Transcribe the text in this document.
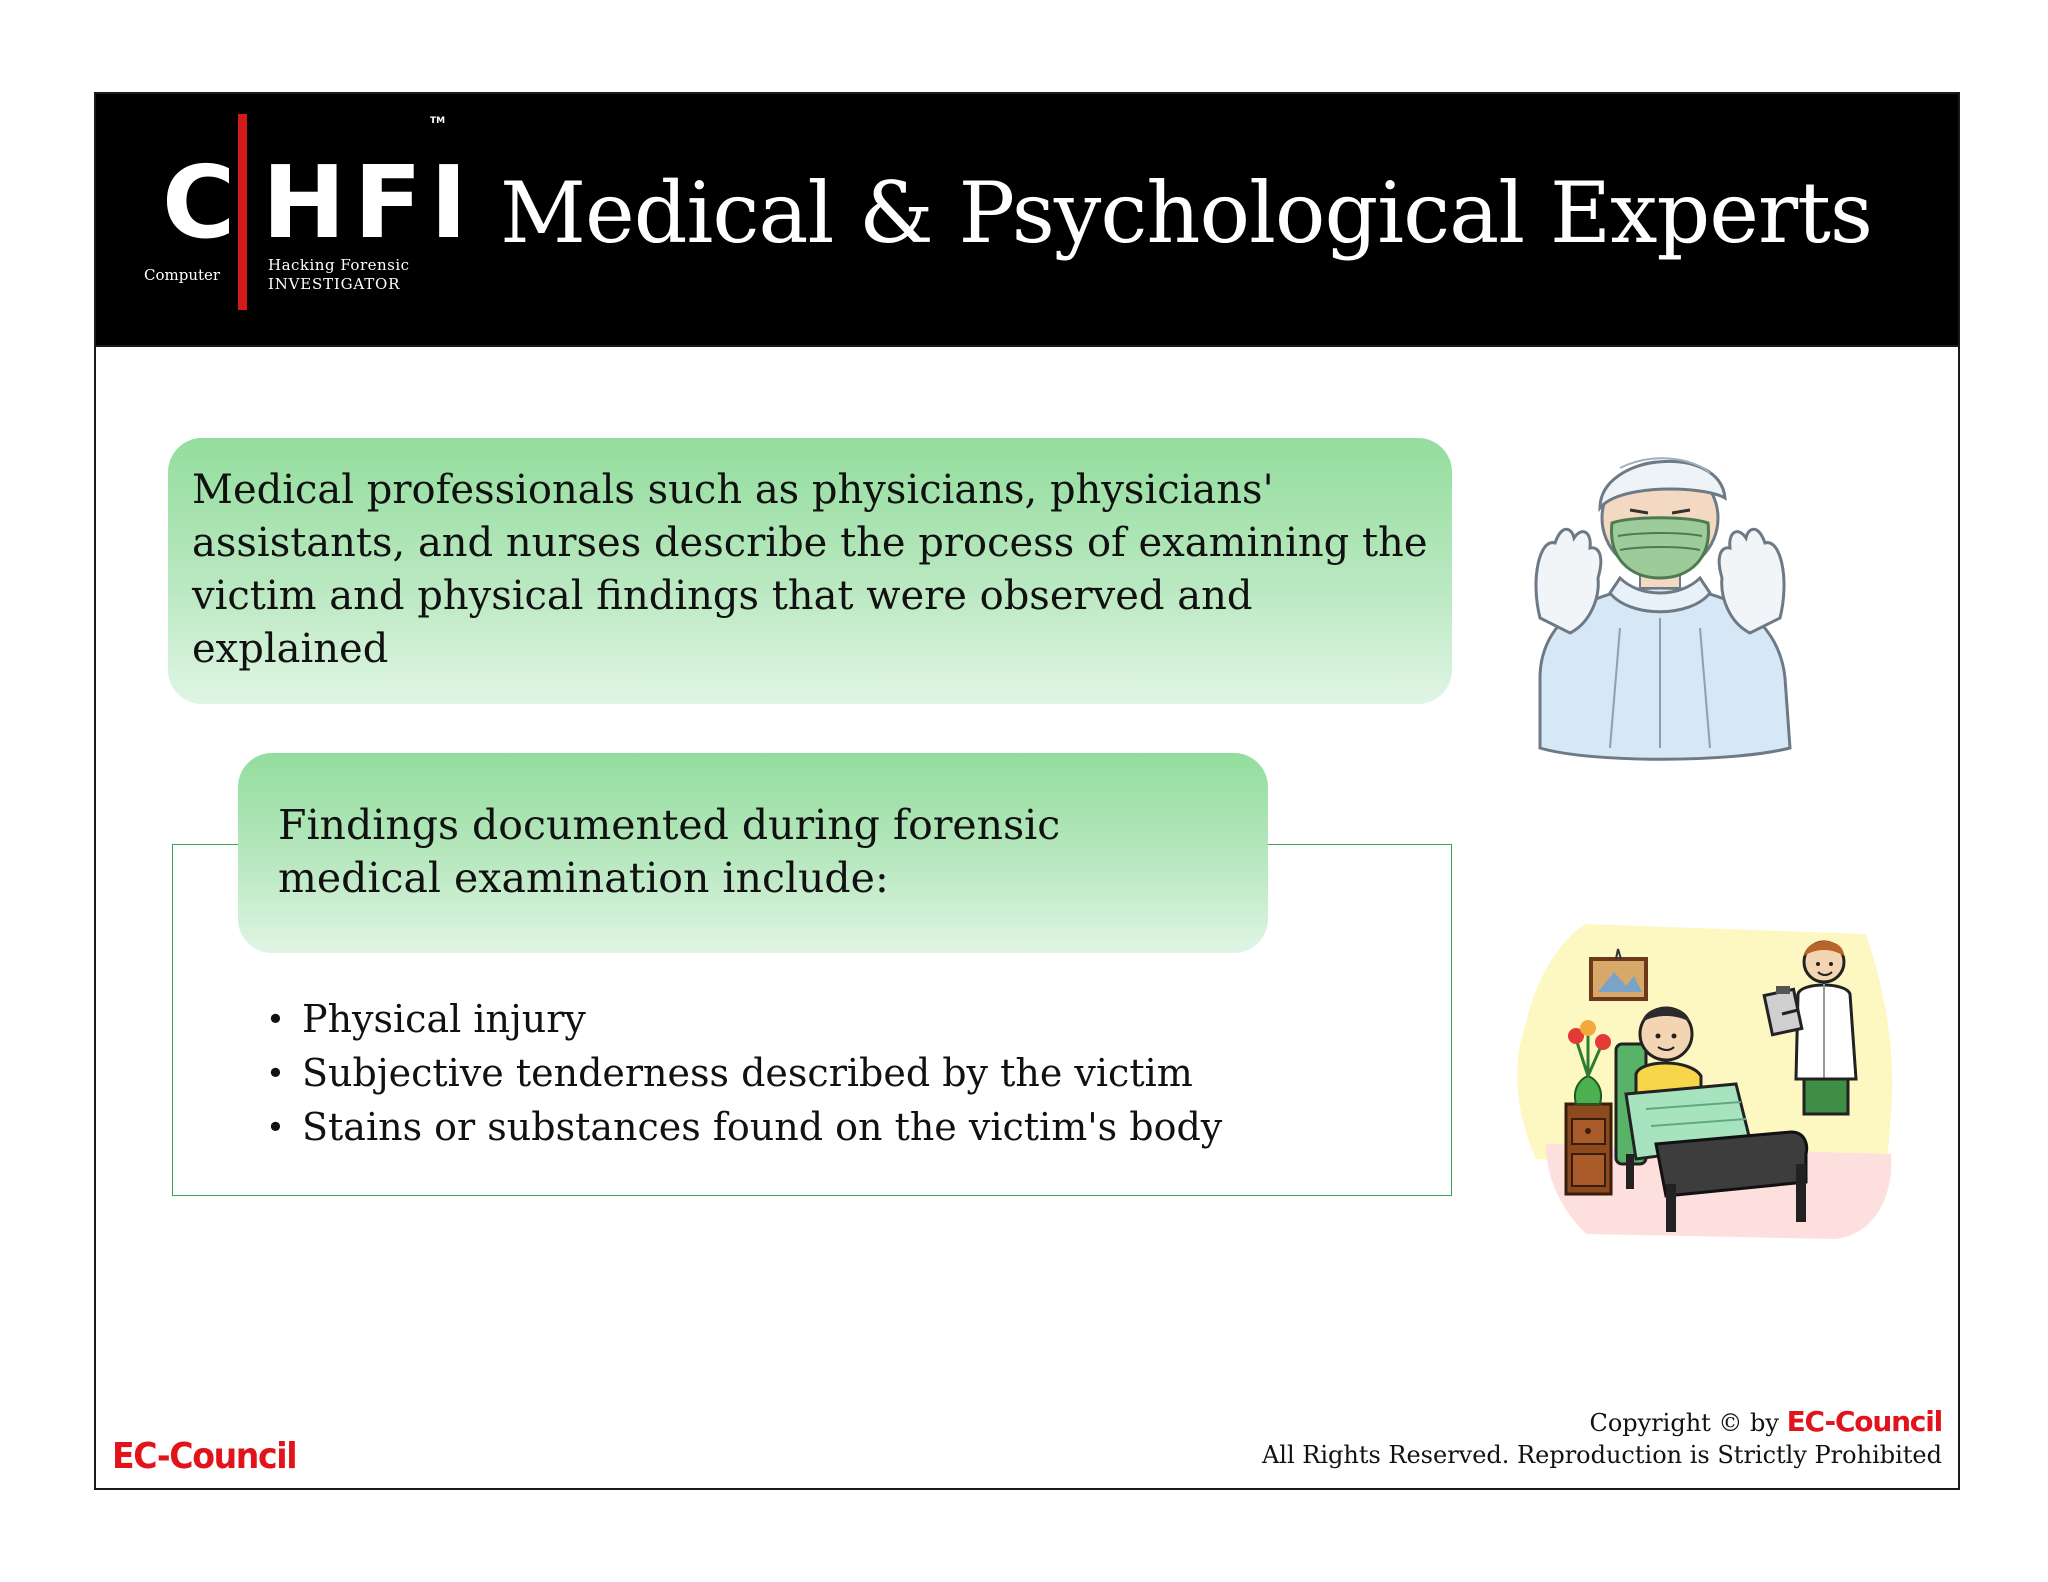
C HFI
TM
Computer
Hacking Forensic
INVESTIGATOR
Medical & Psychological Experts
Medical professionals such as physicians, physicians'
assistants, and nurses describe the process of examining the
victim and physical findings that were observed and
explained
Findings documented during forensic
medical examination include:
• Physical injury
• Subjective tenderness described by the victim
• Stains or substances found on the victim's body
EC-Council
Copyright © by EC-Council
All Rights Reserved. Reproduction is Strictly Prohibited
